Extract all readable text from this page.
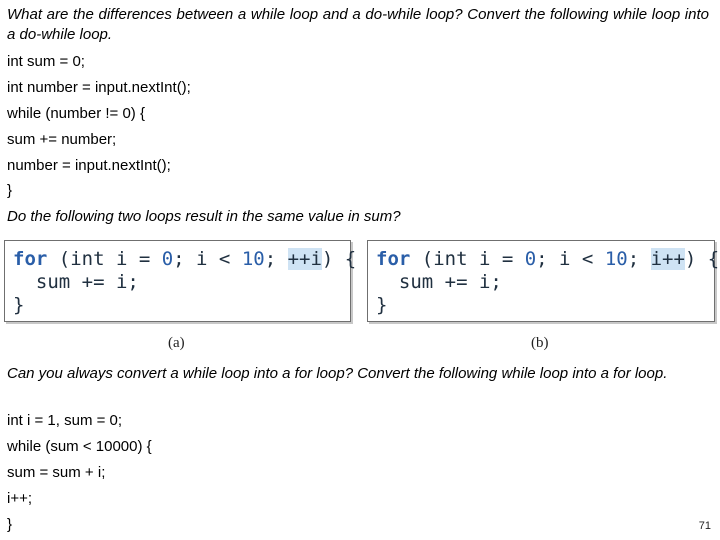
What are the differences between a while loop and a do-while loop? Convert the following while loop into a do-while loop.
int sum = 0;
int number = input.nextInt();
while (number != 0) {
sum += number;
number = input.nextInt();
}
Do the following two loops result in the same value in sum?
for (int i = 0; i < 10; ++i) {
sum += i;
}
for (int i = 0; i < 10; i++) {
sum += i;
}
(a)	(b)
Can you always convert a while loop into a for loop? Convert the following while loop into a for loop.
int i = 1, sum = 0;
while (sum < 10000) {
sum = sum + i;
i++;
}	71
